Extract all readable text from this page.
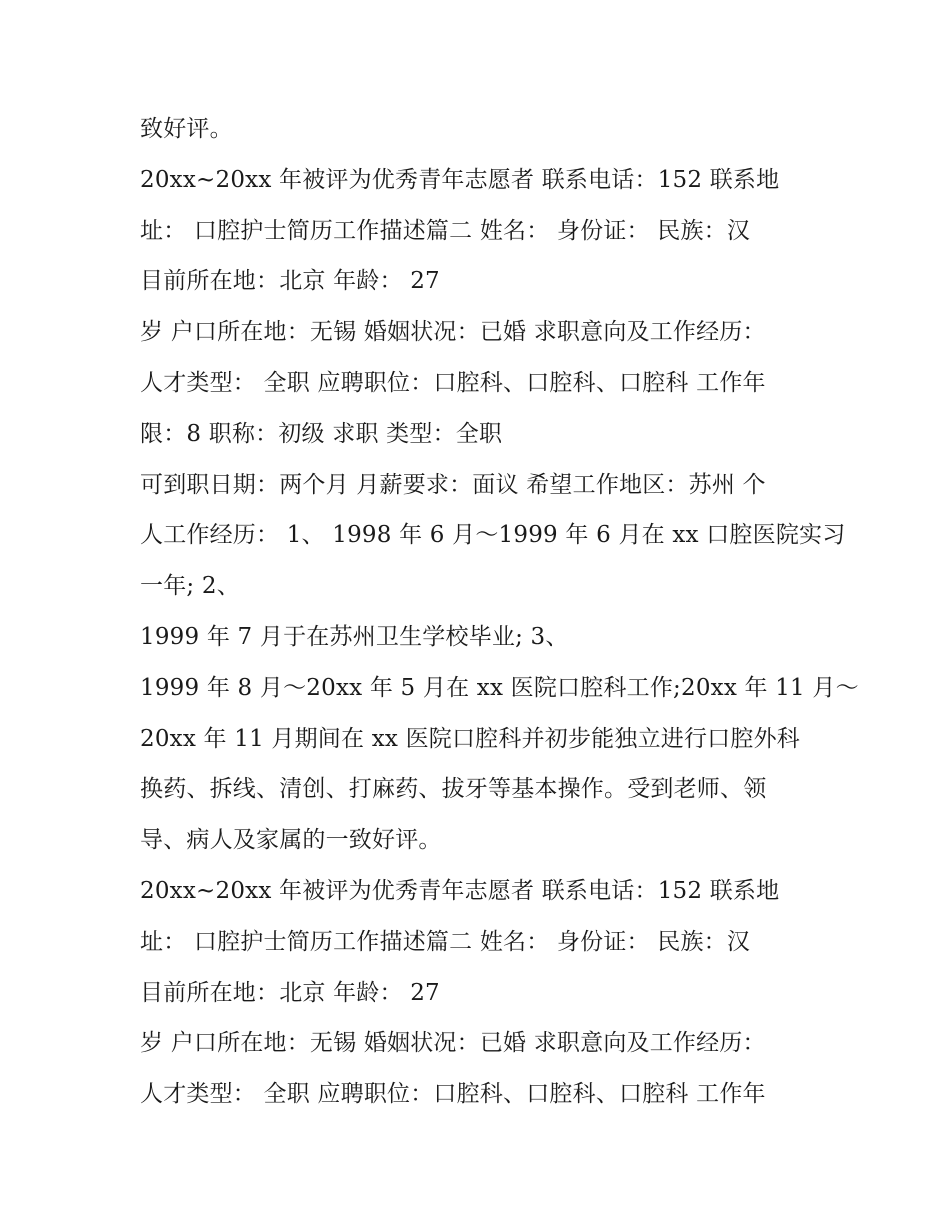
致好评。
20xx~20xx 年被评为优秀青年志愿者 联系电话：152 联系地
址： 口腔护士简历工作描述篇二 姓名： 身份证： 民族：汉
目前所在地：北京 年龄： 27
岁 户口所在地：无锡 婚姻状况：已婚 求职意向及工作经历：
人才类型： 全职 应聘职位：口腔科、口腔科、口腔科 工作年
限：8 职称：初级 求职 类型：全职
可到职日期：两个月 月薪要求：面议 希望工作地区：苏州 个
人工作经历： 1、 1998 年 6 月～1999 年 6 月在 xx 口腔医院实习
一年; 2、
1999 年 7 月于在苏州卫生学校毕业; 3、
1999 年 8 月～20xx 年 5 月在 xx 医院口腔科工作;20xx 年 11 月～
20xx 年 11 月期间在 xx 医院口腔科并初步能独立进行口腔外科
换药、拆线、清创、打麻药、拔牙等基本操作。受到老师、领
导、病人及家属的一致好评。
20xx~20xx 年被评为优秀青年志愿者 联系电话：152 联系地
址： 口腔护士简历工作描述篇二 姓名： 身份证： 民族：汉
目前所在地：北京 年龄： 27
岁 户口所在地：无锡 婚姻状况：已婚 求职意向及工作经历：
人才类型： 全职 应聘职位：口腔科、口腔科、口腔科 工作年
